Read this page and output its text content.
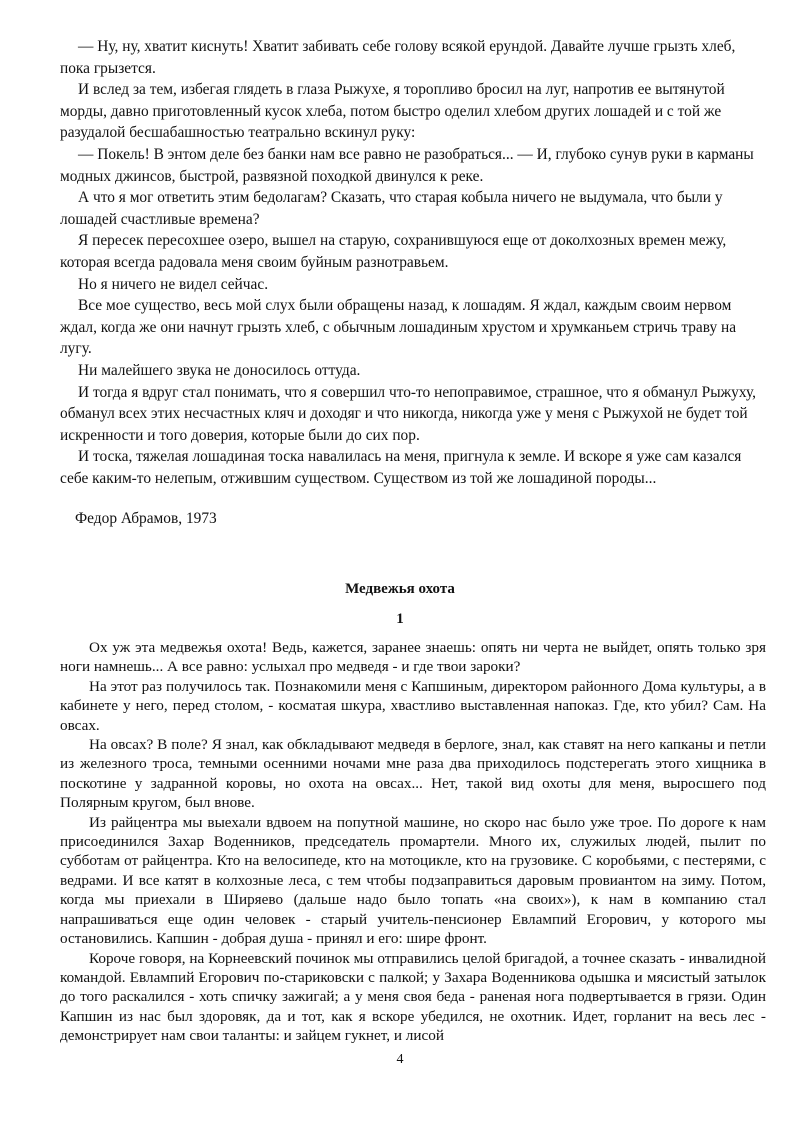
— Ну, ну, хватит киснуть! Хватит забивать себе голову всякой ерундой. Давайте лучше грызть хлеб, пока грызется.

И вслед за тем, избегая глядеть в глаза Рыжухе, я торопливо бросил на луг, напротив ее вытянутой морды, давно приготовленный кусок хлеба, потом быстро оделил хлебом других лошадей и с той же разудалой бесшабашностью театрально вскинул руку:

— Покель! В энтом деле без банки нам все равно не разобраться... — И, глубоко сунув руки в карманы модных джинсов, быстрой, развязной походкой двинулся к реке.

А что я мог ответить этим бедолагам? Сказать, что старая кобыла ничего не выдумала, что были у лошадей счастливые времена?

Я пересек пересохшее озеро, вышел на старую, сохранившуюся еще от доколхозных времен межу, которая всегда радовала меня своим буйным разнотравьем.

Но я ничего не видел сейчас.

Все мое существо, весь мой слух были обращены назад, к лошадям. Я ждал, каждым своим нервом ждал, когда же они начнут грызть хлеб, с обычным лошадиным хрустом и хрумканьем стричь траву на лугу.

Ни малейшего звука не доносилось оттуда.

И тогда я вдруг стал понимать, что я совершил что-то непоправимое, страшное, что я обманул Рыжуху, обманул всех этих несчастных кляч и доходяг и что никогда, никогда уже у меня с Рыжухой не будет той искренности и того доверия, которые были до сих пор.

И тоска, тяжелая лошадиная тоска навалилась на меня, пригнула к земле. И вскоре я уже сам казался себе каким-то нелепым, отжившим существом. Существом из той же лошадиной породы...

Федор Абрамов, 1973
Медвежья охота
1

Ох уж эта медвежья охота! Ведь, кажется, заранее знаешь: опять ни черта не выйдет, опять только зря ноги намнешь... А все равно: услыхал про медведя - и где твои зароки?

На этот раз получилось так. Познакомили меня с Капшиным, директором районного Дома культуры, а в кабинете у него, перед столом, - косматая шкура, хвастливо выставленная напоказ. Где, кто убил? Сам. На овсах.

На овсах? В поле? Я знал, как обкладывают медведя в берлоге, знал, как ставят на него капканы и петли из железного троса, темными осенними ночами мне раза два приходилось подстерегать этого хищника в поскотине у задранной коровы, но охота на овсах... Нет, такой вид охоты для меня, выросшего под Полярным кругом, был внове.

Из райцентра мы выехали вдвоем на попутной машине, но скоро нас было уже трое. По дороге к нам присоединился Захар Воденников, председатель промартели. Много их, служилых людей, пылит по субботам от райцентра. Кто на велосипеде, кто на мотоцикле, кто на грузовике. С коробьями, с пестерями, с ведрами. И все катят в колхозные леса, с тем чтобы подзаправиться даровым провиантом на зиму. Потом, когда мы приехали в Ширяево (дальше надо было топать «на своих»), к нам в компанию стал напрашиваться еще один человек - старый учитель-пенсионер Евлампий Егорович, у которого мы остановились. Капшин - добрая душа - принял и его: шире фронт.

Короче говоря, на Корнеевский починок мы отправились целой бригадой, а точнее сказать - инвалидной командой. Евлампий Егорович по-стариковски с палкой; у Захара Воденникова одышка и мясистый затылок до того раскалился - хоть спичку зажигай; а у меня своя беда - раненая нога подвертывается в грязи. Один Капшин из нас был здоровяк, да и тот, как я вскоре убедился, не охотник. Идет, горланит на весь лес - демонстрирует нам свои таланты: и зайцем гукнет, и лисой

4
